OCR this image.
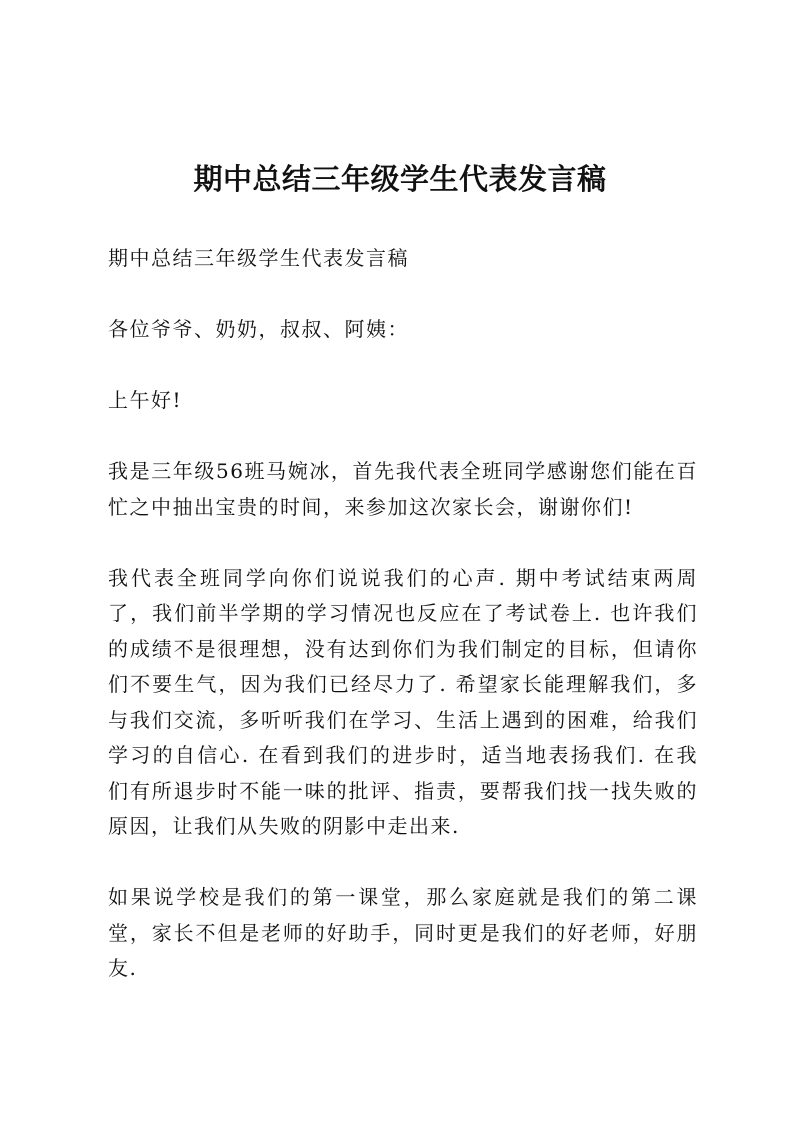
期中总结三年级学生代表发言稿

期中总结三年级学生代表发言稿

各位爷爷、奶奶，叔叔、阿姨：

上午好!

我是三年级56班马婉冰，首先我代表全班同学感谢您们能在百忙之中抽出宝贵的时间，来参加这次家长会，谢谢你们!

我代表全班同学向你们说说我们的心声. 期中考试结束两周了，我们前半学期的学习情况也反应在了考试卷上. 也许我们的成绩不是很理想，没有达到你们为我们制定的目标，但请你们不要生气，因为我们已经尽力了. 希望家长能理解我们，多与我们交流，多听听我们在学习、生活上遇到的困难，给我们学习的自信心. 在看到我们的进步时，适当地表扬我们. 在我们有所退步时不能一味的批评、指责，要帮我们找一找失败的原因，让我们从失败的阴影中走出来.

如果说学校是我们的第一课堂，那么家庭就是我们的第二课堂，家长不但是老师的好助手，同时更是我们的好老师，好朋友.
